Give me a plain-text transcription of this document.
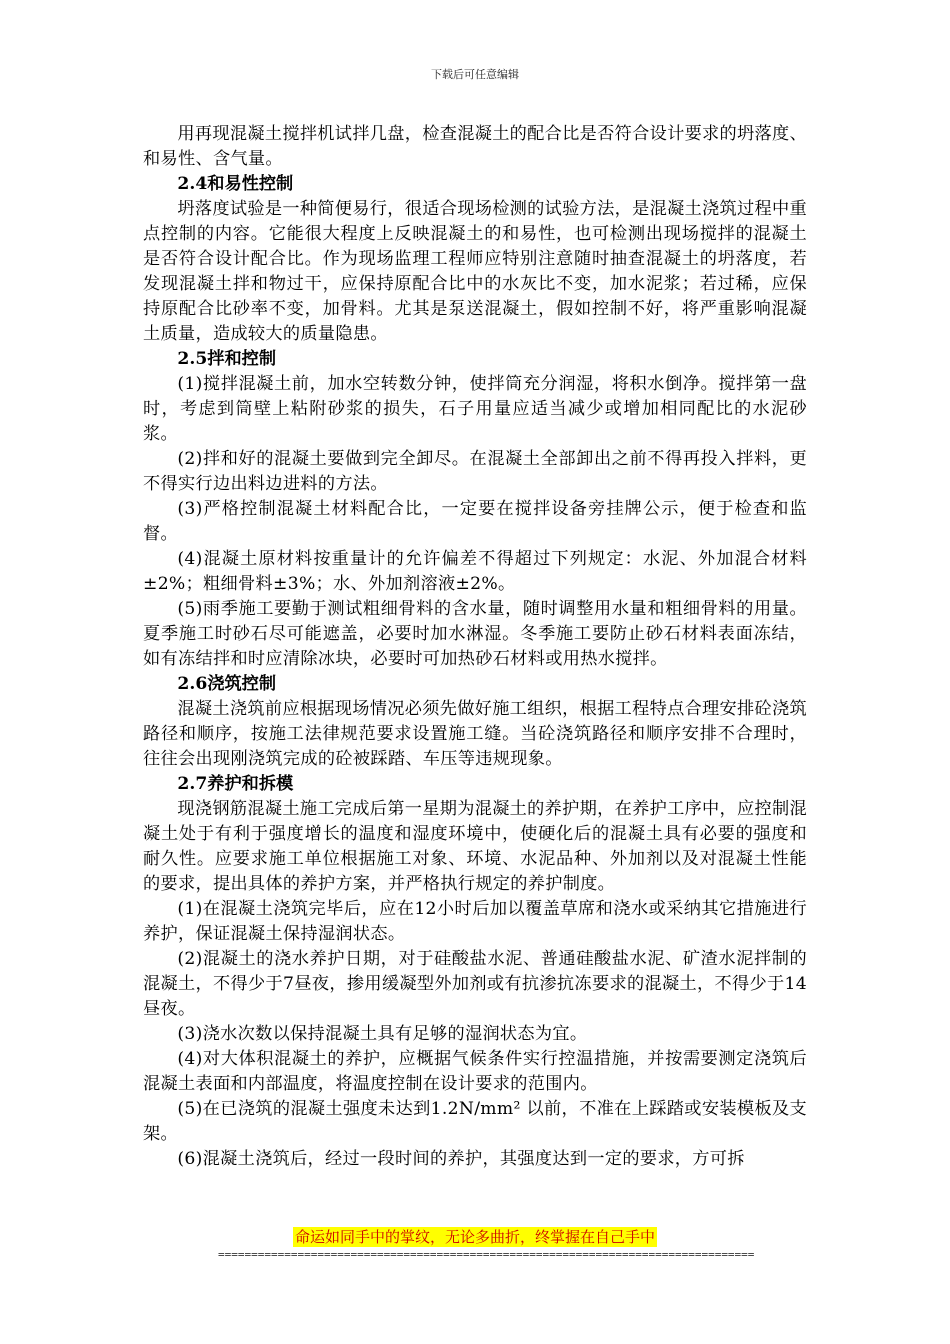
下载后可任意编辑

用再现混凝土搅拌机试拌几盘，检查混凝土的配合比是否符合设计要求的坍落度、和易性、含气量。

2.4和易性控制

坍落度试验是一种简便易行，很适合现场检测的试验方法，是混凝土浇筑过程中重点控制的内容。它能很大程度上反映混凝土的和易性，也可检测出现场搅拌的混凝土是否符合设计配合比。作为现场监理工程师应特别注意随时抽查混凝土的坍落度，若发现混凝土拌和物过干，应保持原配合比中的水灰比不变，加水泥浆；若过稀，应保持原配合比砂率不变，加骨料。尤其是泵送混凝土，假如控制不好，将严重影响混凝土质量，造成较大的质量隐患。

2.5拌和控制

(1)搅拌混凝土前，加水空转数分钟，使拌筒充分润湿，将积水倒净。搅拌第一盘时，考虑到筒壁上粘附砂浆的损失，石子用量应适当减少或增加相同配比的水泥砂浆。

(2)拌和好的混凝土要做到完全卸尽。在混凝土全部卸出之前不得再投入拌料，更不得实行边出料边进料的方法。

(3)严格控制混凝土材料配合比，一定要在搅拌设备旁挂牌公示，便于检查和监督。

(4)混凝土原材料按重量计的允许偏差不得超过下列规定：水泥、外加混合材料±2%；粗细骨料±3%；水、外加剂溶液±2%。

(5)雨季施工要勤于测试粗细骨料的含水量，随时调整用水量和粗细骨料的用量。夏季施工时砂石尽可能遮盖，必要时加水淋湿。冬季施工要防止砂石材料表面冻结，如有冻结拌和时应清除冰块，必要时可加热砂石材料或用热水搅拌。

2.6浇筑控制

混凝土浇筑前应根据现场情况必须先做好施工组织，根据工程特点合理安排砼浇筑路径和顺序，按施工法律规范要求设置施工缝。当砼浇筑路径和顺序安排不合理时，往往会出现刚浇筑完成的砼被踩踏、车压等违规现象。

2.7养护和拆模

现浇钢筋混凝土施工完成后第一星期为混凝土的养护期，在养护工序中，应控制混凝土处于有利于强度增长的温度和湿度环境中，使硬化后的混凝土具有必要的强度和耐久性。应要求施工单位根据施工对象、环境、水泥品种、外加剂以及对混凝土性能的要求，提出具体的养护方案，并严格执行规定的养护制度。

(1)在混凝土浇筑完毕后，应在12小时后加以覆盖草席和浇水或采纳其它措施进行养护，保证混凝土保持湿润状态。

(2)混凝土的浇水养护日期，对于硅酸盐水泥、普通硅酸盐水泥、矿渣水泥拌制的混凝土，不得少于7昼夜，掺用缓凝型外加剂或有抗渗抗冻要求的混凝土，不得少于14昼夜。

(3)浇水次数以保持混凝土具有足够的湿润状态为宜。

(4)对大体积混凝土的养护，应概据气候条件实行控温措施，并按需要测定浇筑后混凝土表面和内部温度，将温度控制在设计要求的范围内。

(5)在已浇筑的混凝土强度未达到1.2N/mm² 以前，不准在上踩踏或安装模板及支架。

(6)混凝土浇筑后，经过一段时间的养护，其强度达到一定的要求，方可拆

命运如同手中的掌纹，无论多曲折，终掌握在自己手中
=================================================================================
